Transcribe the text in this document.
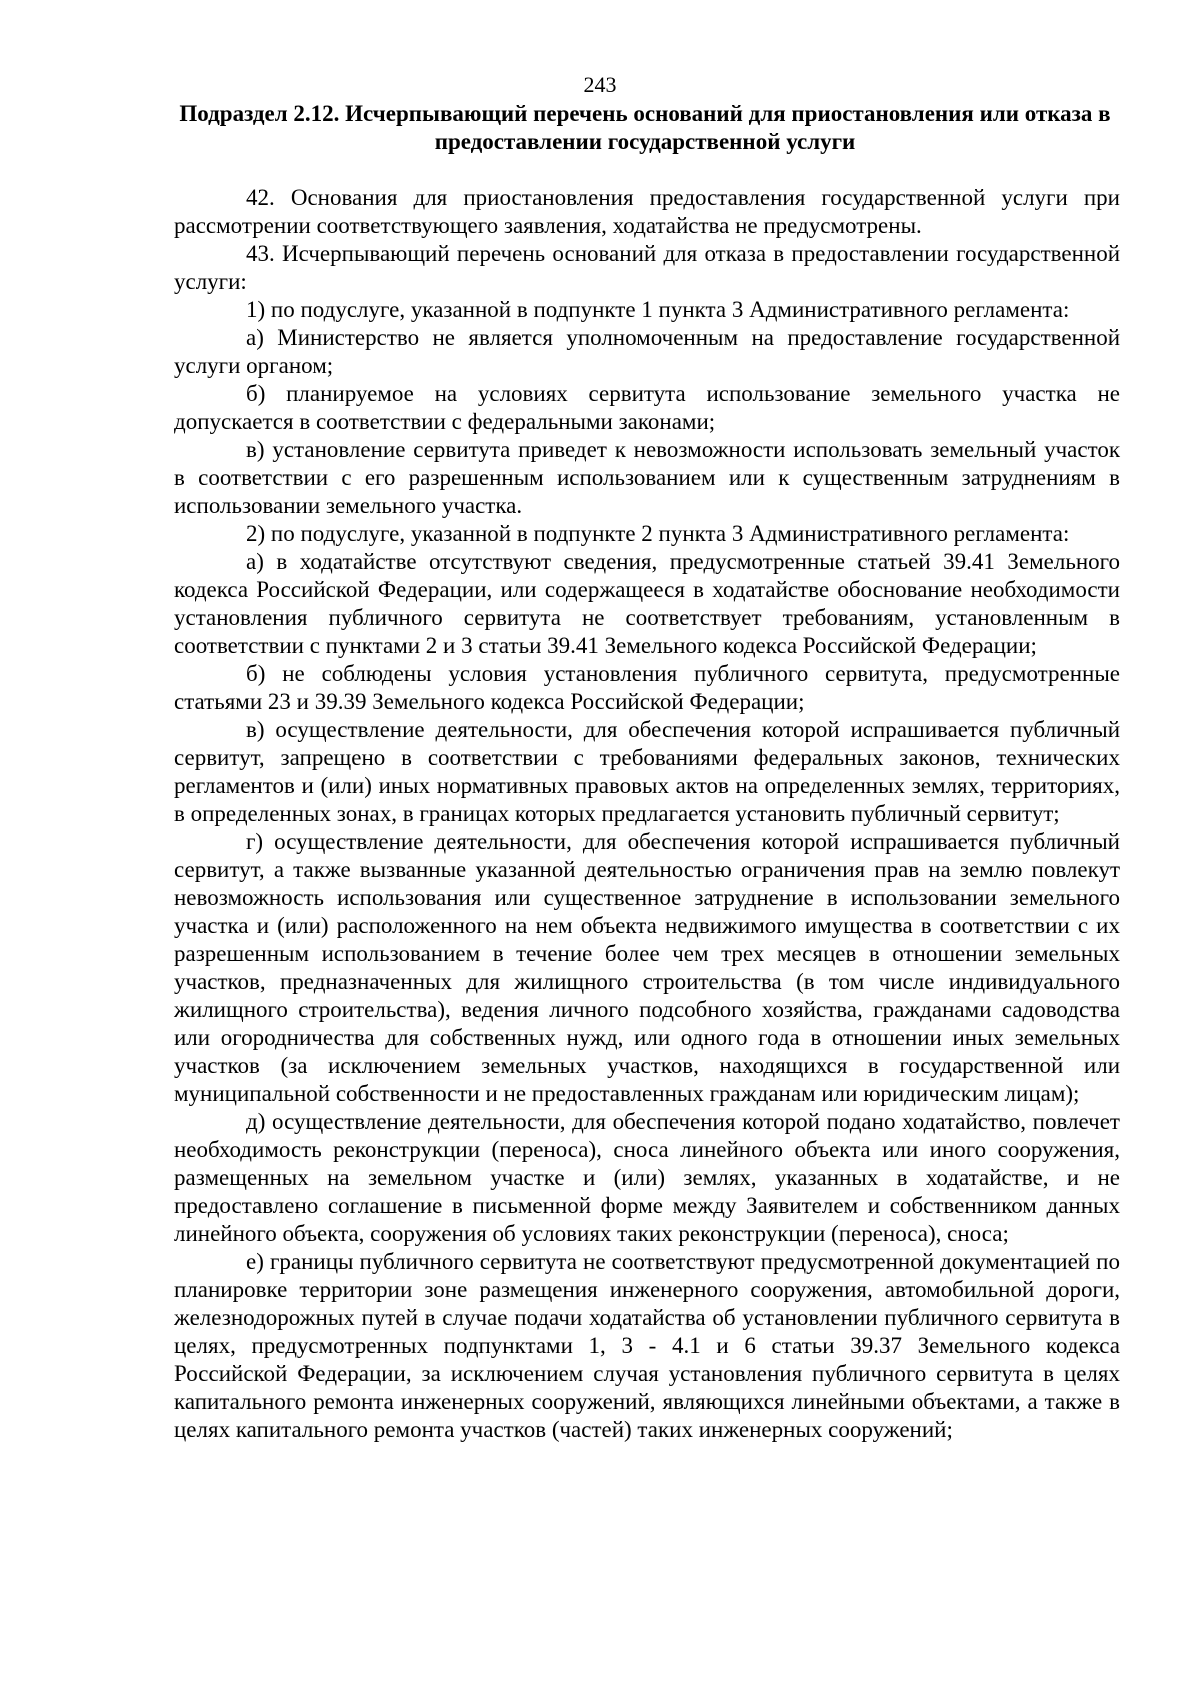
243
Подраздел 2.12. Исчерпывающий перечень оснований для приостановления или отказа в предоставлении государственной услуги

42. Основания для приостановления предоставления государственной услуги при рассмотрении соответствующего заявления, ходатайства не предусмотрены.

43. Исчерпывающий перечень оснований для отказа в предоставлении государственной услуги:

1) по подуслуге, указанной в подпункте 1 пункта 3 Административного регламента:

а) Министерство не является уполномоченным на предоставление государственной услуги органом;

б) планируемое на условиях сервитута использование земельного участка не допускается в соответствии с федеральными законами;

в) установление сервитута приведет к невозможности использовать земельный участок в соответствии с его разрешенным использованием или к существенным затруднениям в использовании земельного участка.

2) по подуслуге, указанной в подпункте 2 пункта 3 Административного регламента:

а) в ходатайстве отсутствуют сведения, предусмотренные статьей 39.41 Земельного кодекса Российской Федерации, или содержащееся в ходатайстве обоснование необходимости установления публичного сервитута не соответствует требованиям, установленным в соответствии с пунктами 2 и 3 статьи 39.41 Земельного кодекса Российской Федерации;

б) не соблюдены условия установления публичного сервитута, предусмотренные статьями 23 и 39.39 Земельного кодекса Российской Федерации;

в) осуществление деятельности, для обеспечения которой испрашивается публичный сервитут, запрещено в соответствии с требованиями федеральных законов, технических регламентов и (или) иных нормативных правовых актов на определенных землях, территориях, в определенных зонах, в границах которых предлагается установить публичный сервитут;

г) осуществление деятельности, для обеспечения которой испрашивается публичный сервитут, а также вызванные указанной деятельностью ограничения прав на землю повлекут невозможность использования или существенное затруднение в использовании земельного участка и (или) расположенного на нем объекта недвижимого имущества в соответствии с их разрешенным использованием в течение более чем трех месяцев в отношении земельных участков, предназначенных для жилищного строительства (в том числе индивидуального жилищного строительства), ведения личного подсобного хозяйства, гражданами садоводства или огородничества для собственных нужд, или одного года в отношении иных земельных участков (за исключением земельных участков, находящихся в государственной или муниципальной собственности и не предоставленных гражданам или юридическим лицам);

д) осуществление деятельности, для обеспечения которой подано ходатайство, повлечет необходимость реконструкции (переноса), сноса линейного объекта или иного сооружения, размещенных на земельном участке и (или) землях, указанных в ходатайстве, и не предоставлено соглашение в письменной форме между Заявителем и собственником данных линейного объекта, сооружения об условиях таких реконструкции (переноса), сноса;

е) границы публичного сервитута не соответствуют предусмотренной документацией по планировке территории зоне размещения инженерного сооружения, автомобильной дороги, железнодорожных путей в случае подачи ходатайства об установлении публичного сервитута в целях, предусмотренных подпунктами 1, 3 - 4.1 и 6 статьи 39.37 Земельного кодекса Российской Федерации, за исключением случая установления публичного сервитута в целях капитального ремонта инженерных сооружений, являющихся линейными объектами, а также в целях капитального ремонта участков (частей) таких инженерных сооружений;
